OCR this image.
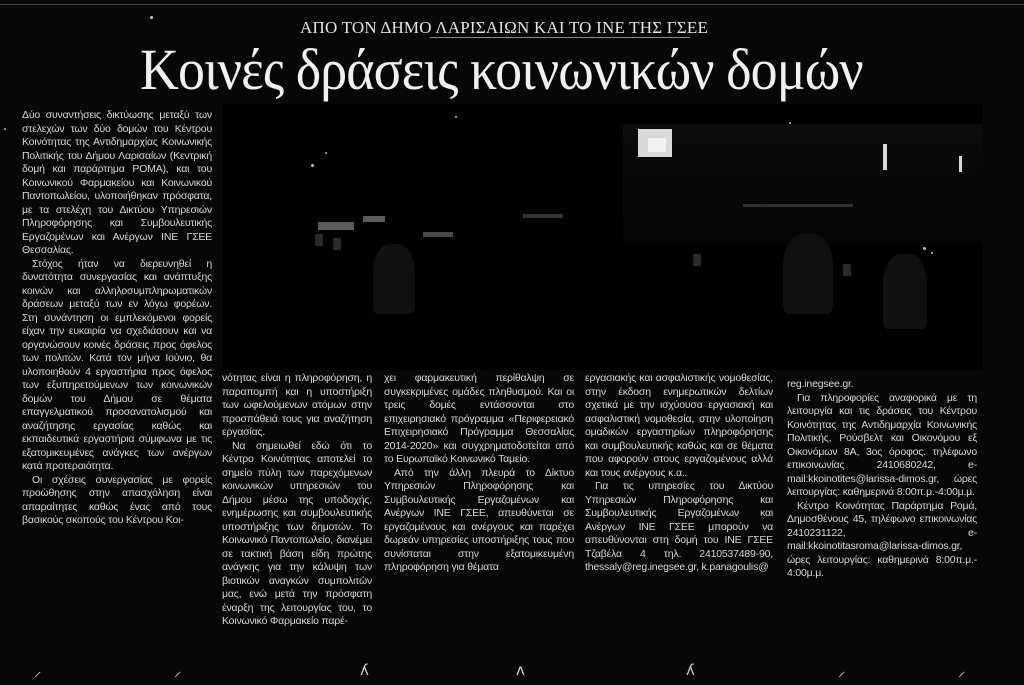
ΑΠΟ ΤΟΝ ΔΗΜΟ ΛΑΡΙΣΑΙΩΝ ΚΑΙ ΤΟ ΙΝΕ ΤΗΣ ΓΣΕΕ
Κοινές δράσεις κοινωνικών δομών

Δύο συναντήσεις δικτύωσης μεταξύ των στελεχών των δύο δομών του Κέντρου Κοινότητας της Αντιδημαρχίας Κοινωνικής Πολιτικής του Δήμου Λαρισαίων (Κεντρική δομή και παράρτημα ΡΟΜΑ), και του Κοινωνικού Φαρμακείου και Κοινωνικού Παντοπωλείου, υλοποιήθηκαν πρόσφατα, με τα στελέχη του Δικτύου Υπηρεσιών Πληροφόρησης και Συμβουλευτικής Εργαζομένων και Ανέργων ΙΝΕ ΓΣΕΕ Θεσσαλίας.

Στόχος ήταν να διερευνηθεί η δυνατότητα συνεργασίας και ανάπτυξης κοινών και αλληλοσυμπληρωματικών δράσεων μεταξύ των εν λόγω φορέων. Στη συνάντηση οι εμπλεκόμενοι φορείς είχαν την ευκαιρία να σχεδιάσουν και να οργανώσουν κοινές δράσεις προς όφελος των πολιτών. Κατά τον μήνα Ιούνιο, θα υλοποιηθούν 4 εργαστήρια προς όφελος των εξυπηρετούμενων των κοινωνικών δομών του Δήμου σε θέματα επαγγελματικού προσανατολισμού και αναζήτησης εργασίας καθώς και εκπαιδευτικά εργαστήρια σύμφωνα με τις εξατομικευμένες ανάγκες των ανέργων κατά προτεραιότητα.

Οι σχέσεις συνεργασίας με φορείς προώθησης στην απασχόληση είναι απαραίτητες καθώς ένας από τους βασικούς σκοπούς του Κέντρου Κοι-

νότητας είναι η πληροφόρηση, η παραπομπή και η υποστήριξη των ωφελούμενων ατόμων στην προσπάθειά τους για αναζήτηση εργασίας.

Να σημειωθεί εδώ ότι το Κέντρο Κοινότητας αποτελεί το σημείο πύλη των παρεχόμενων κοινωνικών υπηρεσιών του Δήμου μέσω της υποδοχής, ενημέρωσης και συμβουλευτικής υποστήριξης των δημοτών. Το Κοινωνικό Παντοπωλείο, διανέμει σε τακτική βάση είδη πρώτης ανάγκης για την κάλυψη των βιοτικών αναγκών συμπολιτών μας, ενώ μετά την πρόσφατη έναρξη της λειτουργίας του, το Κοινωνικό Φαρμακείο παρέ-

χει φαρμακευτική περίθαλψη σε συγκεκριμένες ομάδες πληθυσμού. Και οι τρεις δομές εντάσσονται στο επιχειρησιακό πρόγραμμα «Περιφερειακό Επιχειρησιακό Πρόγραμμα Θεσσαλίας 2014-2020» και συγχρηματοδοτείται από το Ευρωπαϊκό Κοινωνικό Ταμείο.

Από την άλλη πλευρά το Δίκτυο Υπηρεσιών Πληροφόρησης και Συμβουλευτικής Εργαζομένων και Ανέργων ΙΝΕ ΓΣΕΕ, απευθύνεται σε εργαζομένους και ανέργους και παρέχει δωρεάν υπηρεσίες υποστήριξης τους που συνίσταται στην εξατομικευμένη πληροφόρηση για θέματα

εργασιακής και ασφαλιστικής νομοθεσίας, στην έκδοση ενημερωτικών δελτίων σχετικά με την ισχύουσα εργασιακή και ασφαλιστική νομοθεσία, στην υλοποίηση ομαδικών εργαστηρίων πληροφόρησης και συμβουλευτικής καθώς και σε θέματα που αφορούν στους εργαζομένους αλλά και τους ανέργους κ.α..

Για τις υπηρεσίες του Δικτύου Υπηρεσιών Πληροφόρησης και Συμβουλευτικής Εργαζομένων και Ανέργων ΙΝΕ ΓΣΕΕ μπορούν να απευθύνονται στη δομή του ΙΝΕ ΓΣΕΕ Τζαβέλα 4 τηλ. 2410537489-90, thessaly@reg.inegsee.gr, k.panagoulis@

reg.inegsee.gr.

Για πληροφορίες αναφορικά με τη λειτουργία και τις δράσεις του Κέντρου Κοινότητας της Αντιδημαρχία Κοινωνικής Πολιτικής, Ρούσβελτ και Οικονόμου εξ Οικονόμων 8Α, 3ος όροφος. τηλέφωνο επικοινωνίας 2410680242, e-mail:kkoinotites@larissa-dimos.gr, ώρες λειτουργίας: καθημερινά 8:00π.μ.-4:00μ.μ.

Κέντρο Κοινότητας Παράρτημα Ρομά, Δημοσθένους 45, τηλέφωνο επικοινωνίας 2410231122, e-mail:kkoinotitasroma@larissa-dimos.gr, ώρες λειτουργίας: καθημερινά 8:00π.μ.- 4:00μ.μ.

⸝	⸝	ʎ	ʌ	ʎ	⸝	⸝
